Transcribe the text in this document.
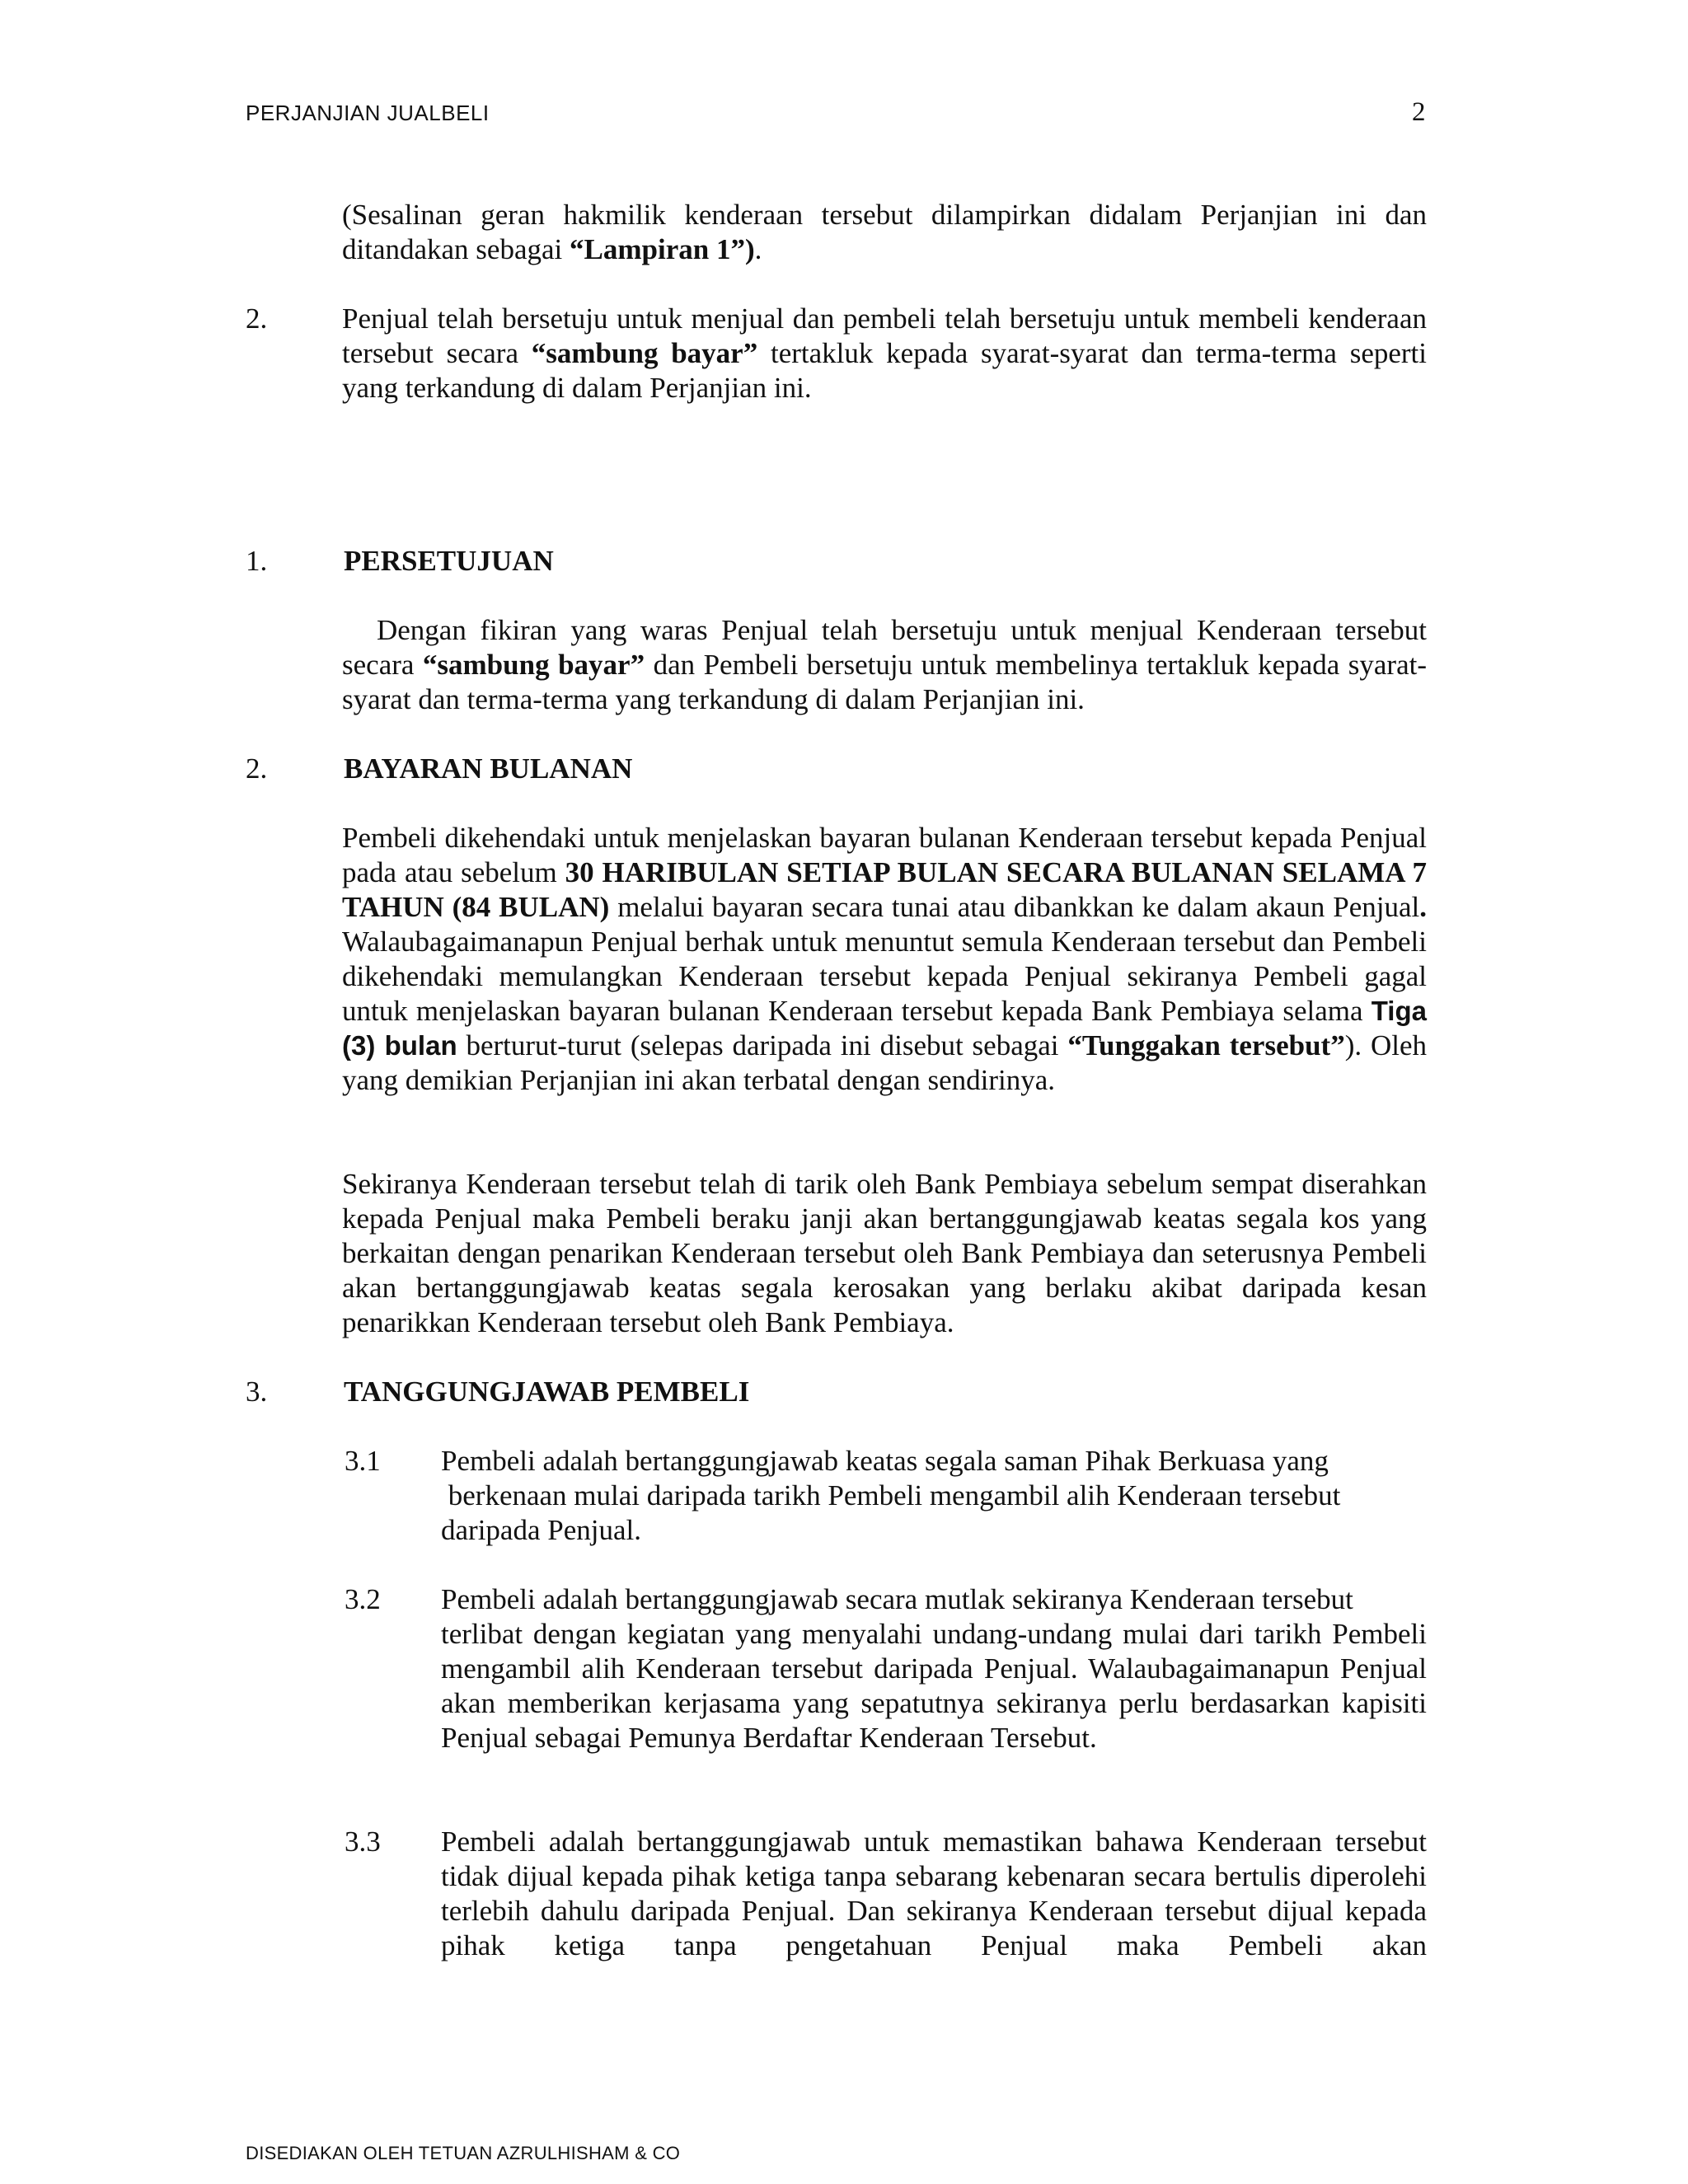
PERJANJIAN JUALBELI	2
(Sesalinan geran hakmilik kenderaan tersebut dilampirkan didalam Perjanjian ini dan ditandakan sebagai “Lampiran 1”).
2.	Penjual telah bersetuju untuk menjual dan pembeli telah bersetuju untuk membeli kenderaan tersebut secara “sambung bayar” tertakluk kepada syarat-syarat dan terma-terma seperti yang terkandung di dalam Perjanjian ini.
1.	PERSETUJUAN
Dengan fikiran yang waras Penjual telah bersetuju untuk menjual Kenderaan tersebut secara “sambung bayar” dan Pembeli bersetuju untuk membelinya tertakluk kepada syarat-syarat dan terma-terma yang terkandung di dalam Perjanjian ini.
2.	BAYARAN BULANAN
Pembeli dikehendaki untuk menjelaskan bayaran bulanan Kenderaan tersebut kepada Penjual pada atau sebelum 30 HARIBULAN SETIAP BULAN SECARA BULANAN SELAMA 7 TAHUN (84 BULAN) melalui bayaran secara tunai atau dibankkan ke dalam akaun Penjual. Walaubagaimanapun Penjual berhak untuk menuntut semula Kenderaan tersebut dan Pembeli dikehendaki memulangkan Kenderaan tersebut kepada Penjual sekiranya Pembeli gagal untuk menjelaskan bayaran bulanan Kenderaan tersebut kepada Bank Pembiaya selama Tiga (3) bulan berturut-turut (selepas daripada ini disebut sebagai “Tunggakan tersebut”). Oleh yang demikian Perjanjian ini akan terbatal dengan sendirinya.
Sekiranya Kenderaan tersebut telah di tarik oleh Bank Pembiaya sebelum sempat diserahkan kepada Penjual maka Pembeli beraku janji akan bertanggungjawab keatas segala kos yang berkaitan dengan penarikan Kenderaan tersebut oleh Bank Pembiaya dan seterusnya Pembeli akan bertanggungjawab keatas segala kerosakan yang berlaku akibat daripada kesan penarikkan Kenderaan tersebut oleh Bank Pembiaya.
3.	TANGGUNGJAWAB PEMBELI
3.1 Pembeli adalah bertanggungjawab keatas segala saman Pihak Berkuasa yang
berkenaan mulai daripada tarikh Pembeli mengambil alih Kenderaan tersebut
daripada Penjual.
3.2 Pembeli adalah bertanggungjawab secara mutlak sekiranya Kenderaan tersebut
terlibat dengan kegiatan yang menyalahi undang-undang mulai dari tarikh Pembeli mengambil alih Kenderaan tersebut daripada Penjual. Walaubagaimanapun Penjual akan memberikan kerjasama yang sepatutnya sekiranya perlu berdasarkan kapisiti Penjual sebagai Pemunya Berdaftar Kenderaan Tersebut.
3.3 Pembeli adalah bertanggungjawab untuk memastikan bahawa Kenderaan tersebut tidak dijual kepada pihak ketiga tanpa sebarang kebenaran secara bertulis diperolehi terlebih dahulu daripada Penjual. Dan sekiranya Kenderaan tersebut dijual kepada pihak ketiga tanpa pengetahuan Penjual maka Pembeli akan
DISEDIAKAN OLEH TETUAN AZRULHISHAM & CO
